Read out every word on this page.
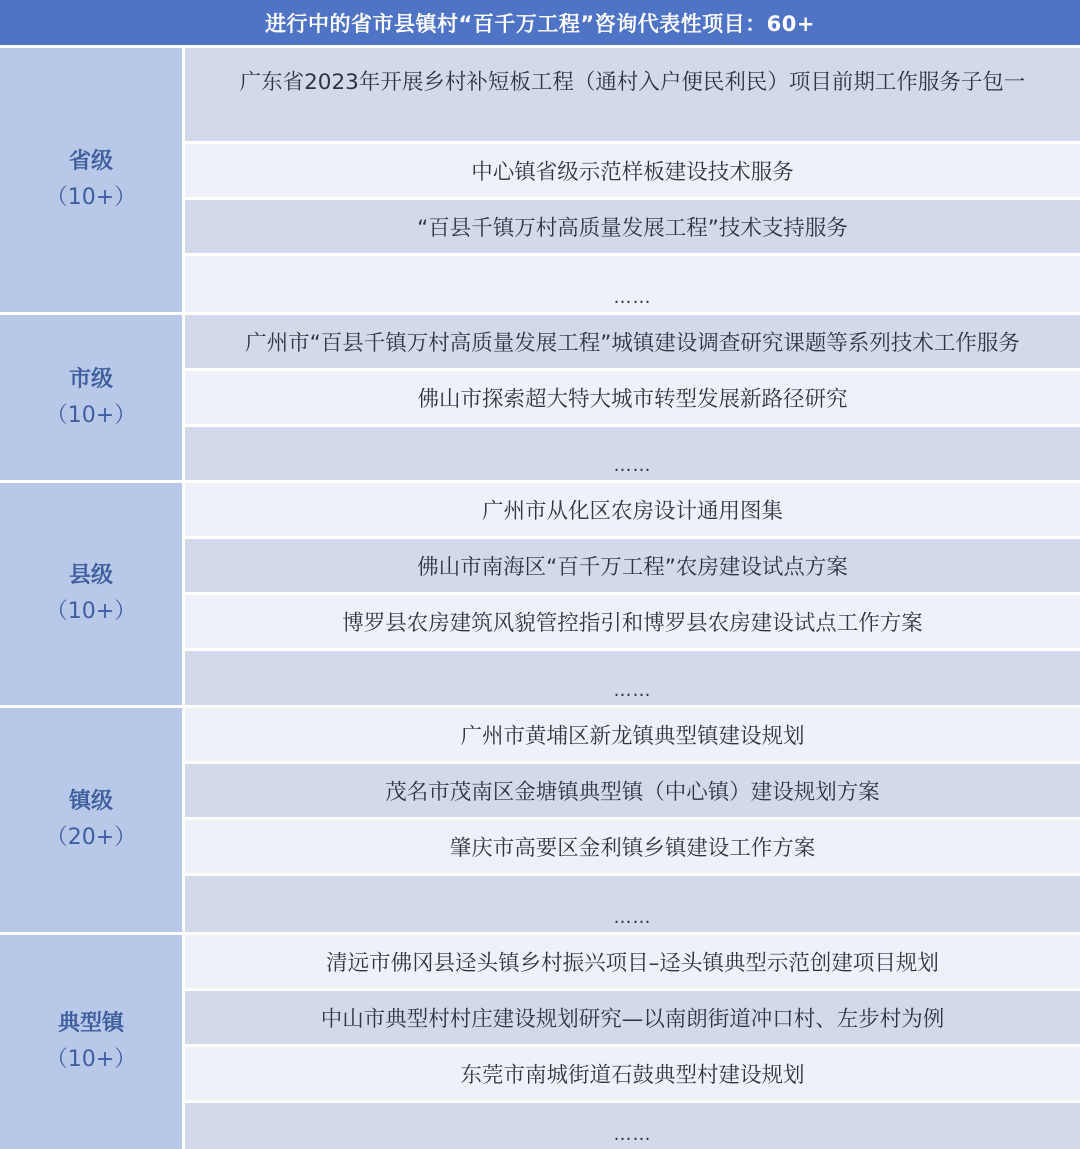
进行中的省市县镇村“百千万工程”咨询代表性项目：60+
省级
（10+）
广东省2023年开展乡村补短板工程（通村入户便民利民）项目前期工作服务子包一
中心镇省级示范样板建设技术服务
“百县千镇万村高质量发展工程”技术支持服务
……
市级
（10+）
广州市“百县千镇万村高质量发展工程”城镇建设调查研究课题等系列技术工作服务
佛山市探索超大特大城市转型发展新路径研究
……
县级
（10+）
广州市从化区农房设计通用图集
佛山市南海区“百千万工程”农房建设试点方案
博罗县农房建筑风貌管控指引和博罗县农房建设试点工作方案
……
镇级
（20+）
广州市黄埔区新龙镇典型镇建设规划
茂名市茂南区金塘镇典型镇（中心镇）建设规划方案
肇庆市高要区金利镇乡镇建设工作方案
……
典型镇
（10+）
清远市佛冈县迳头镇乡村振兴项目–迳头镇典型示范创建项目规划
中山市典型村村庄建设规划研究—以南朗街道冲口村、左步村为例
东莞市南城街道石鼓典型村建设规划
……
